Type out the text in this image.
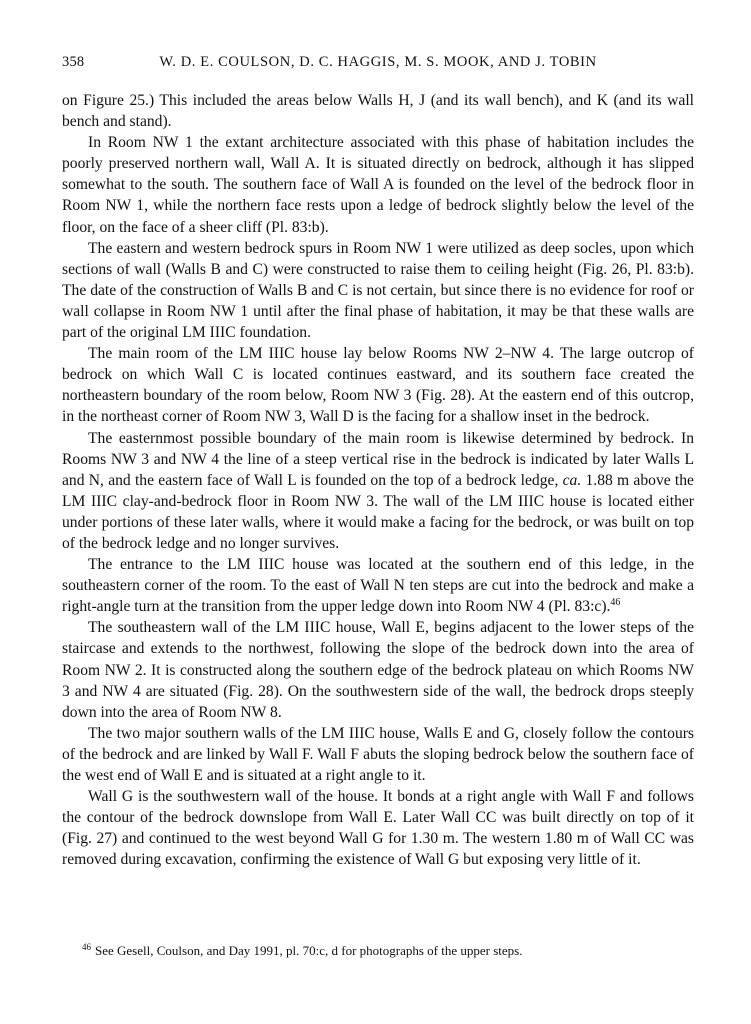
358	W. D. E. COULSON, D. C. HAGGIS, M. S. MOOK, AND J. TOBIN

on Figure 25.) This included the areas below Walls H, J (and its wall bench), and K (and its wall bench and stand).

In Room NW 1 the extant architecture associated with this phase of habitation includes the poorly preserved northern wall, Wall A. It is situated directly on bedrock, although it has slipped somewhat to the south. The southern face of Wall A is founded on the level of the bedrock floor in Room NW 1, while the northern face rests upon a ledge of bedrock slightly below the level of the floor, on the face of a sheer cliff (Pl. 83:b).

The eastern and western bedrock spurs in Room NW 1 were utilized as deep socles, upon which sections of wall (Walls B and C) were constructed to raise them to ceiling height (Fig. 26, Pl. 83:b). The date of the construction of Walls B and C is not certain, but since there is no evidence for roof or wall collapse in Room NW 1 until after the final phase of habitation, it may be that these walls are part of the original LM IIIC foundation.

The main room of the LM IIIC house lay below Rooms NW 2–NW 4. The large outcrop of bedrock on which Wall C is located continues eastward, and its southern face created the northeastern boundary of the room below, Room NW 3 (Fig. 28). At the eastern end of this outcrop, in the northeast corner of Room NW 3, Wall D is the facing for a shallow inset in the bedrock.

The easternmost possible boundary of the main room is likewise determined by bedrock. In Rooms NW 3 and NW 4 the line of a steep vertical rise in the bedrock is indicated by later Walls L and N, and the eastern face of Wall L is founded on the top of a bedrock ledge, ca. 1.88 m above the LM IIIC clay-and-bedrock floor in Room NW 3. The wall of the LM IIIC house is located either under portions of these later walls, where it would make a facing for the bedrock, or was built on top of the bedrock ledge and no longer survives.

The entrance to the LM IIIC house was located at the southern end of this ledge, in the southeastern corner of the room. To the east of Wall N ten steps are cut into the bedrock and make a right-angle turn at the transition from the upper ledge down into Room NW 4 (Pl. 83:c).$^{46}$

The southeastern wall of the LM IIIC house, Wall E, begins adjacent to the lower steps of the staircase and extends to the northwest, following the slope of the bedrock down into the area of Room NW 2. It is constructed along the southern edge of the bedrock plateau on which Rooms NW 3 and NW 4 are situated (Fig. 28). On the southwestern side of the wall, the bedrock drops steeply down into the area of Room NW 8.

The two major southern walls of the LM IIIC house, Walls E and G, closely follow the contours of the bedrock and are linked by Wall F. Wall F abuts the sloping bedrock below the southern face of the west end of Wall E and is situated at a right angle to it.

Wall G is the southwestern wall of the house. It bonds at a right angle with Wall F and follows the contour of the bedrock downslope from Wall E. Later Wall CC was built directly on top of it (Fig. 27) and continued to the west beyond Wall G for 1.30 m. The western 1.80 m of Wall CC was removed during excavation, confirming the existence of Wall G but exposing very little of it.

$^{46}$ See Gesell, Coulson, and Day 1991, pl. 70:c, d for photographs of the upper steps.
